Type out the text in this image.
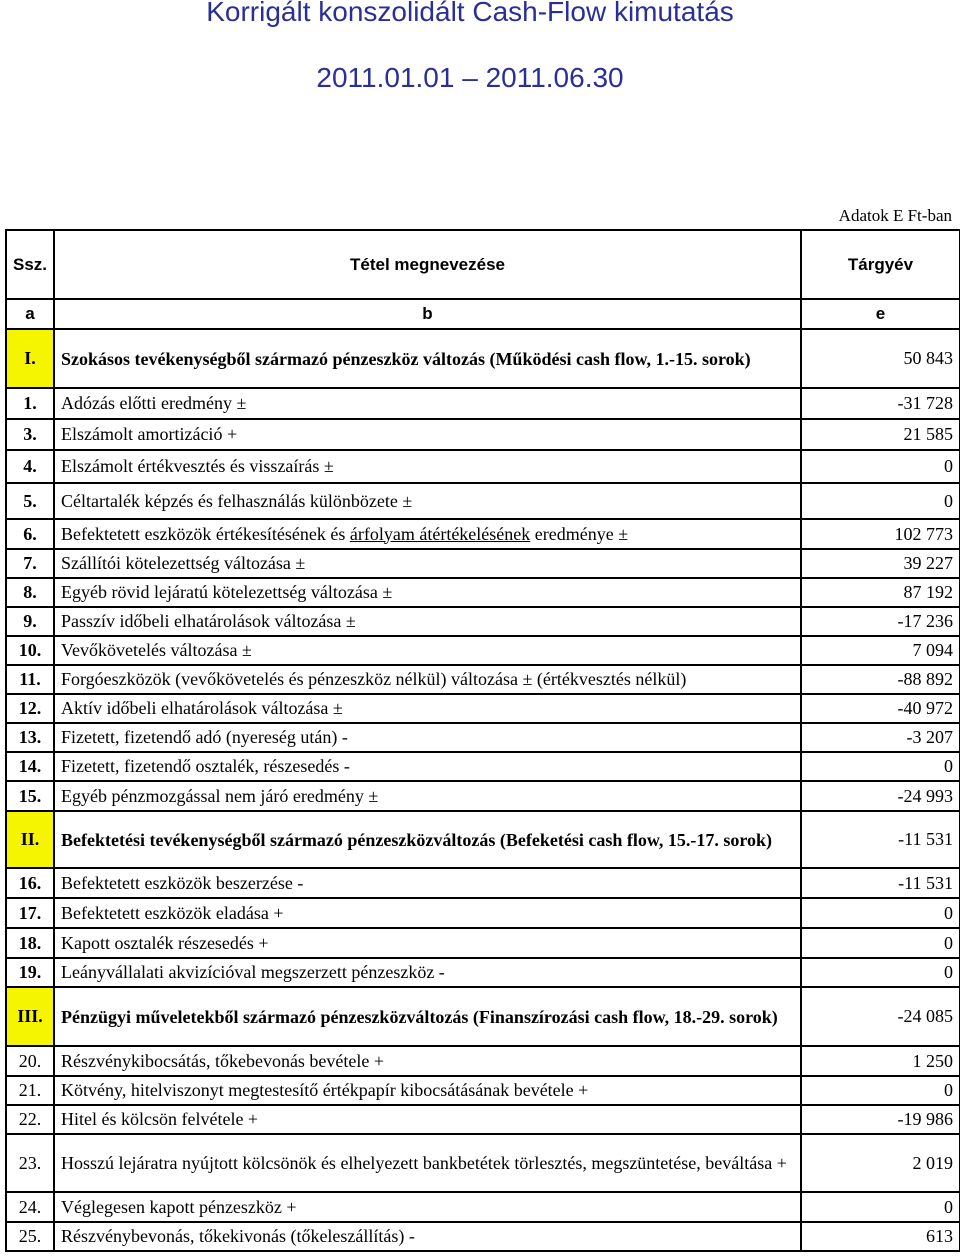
Korrigált konszolidált Cash-Flow kimutatás
2011.01.01 – 2011.06.30
Adatok E Ft-ban
Ssz.	Tétel megnevezése	Tárgyév
a	b	e
I.	Szokásos tevékenységből származó pénzeszköz változás (Működési cash flow, 1.-15. sorok)	50 843
1.	Adózás előtti eredmény ±	-31 728
3.	Elszámolt amortizáció +	21 585
4.	Elszámolt értékvesztés és visszaírás ±	0
5.	Céltartalék képzés és felhasználás különbözete ±	0
6.	Befektetett eszközök értékesítésének és árfolyam átértékelésének eredménye ±	102 773
7.	Szállítói kötelezettség változása ±	39 227
8.	Egyéb rövid lejáratú kötelezettség változása ±	87 192
9.	Passzív időbeli elhatárolások változása ±	-17 236
10.	Vevőkövetelés változása ±	7 094
11.	Forgóeszközök (vevőkövetelés és pénzeszköz nélkül) változása ± (értékvesztés nélkül)	-88 892
12.	Aktív időbeli elhatárolások változása ±	-40 972
13.	Fizetett, fizetendő adó (nyereség után) -	-3 207
14.	Fizetett, fizetendő osztalék, részesedés -	0
15.	Egyéb pénzmozgással nem járó eredmény ±	-24 993
II.	Befektetési tevékenységből származó pénzeszközváltozás (Befeketési cash flow, 15.-17. sorok)	-11 531
16.	Befektetett eszközök beszerzése -	-11 531
17.	Befektetett eszközök eladása +	0
18.	Kapott osztalék részesedés +	0
19.	Leányvállalati akvizícióval megszerzett pénzeszköz -	0
III.	Pénzügyi műveletekből származó pénzeszközváltozás (Finanszírozási cash flow, 18.-29. sorok)	-24 085
20.	Részvénykibocsátás, tőkebevonás bevétele +	1 250
21.	Kötvény, hitelviszonyt megtestesítő értékpapír kibocsátásának bevétele +	0
22.	Hitel és kölcsön felvétele +	-19 986
23.	Hosszú lejáratra nyújtott kölcsönök és elhelyezett bankbetétek törlesztés, megszüntetése, beváltása +	2 019
24.	Véglegesen kapott pénzeszköz +	0
25.	Részvénybevonás, tőkekivonás (tőkeleszállítás) -	613
